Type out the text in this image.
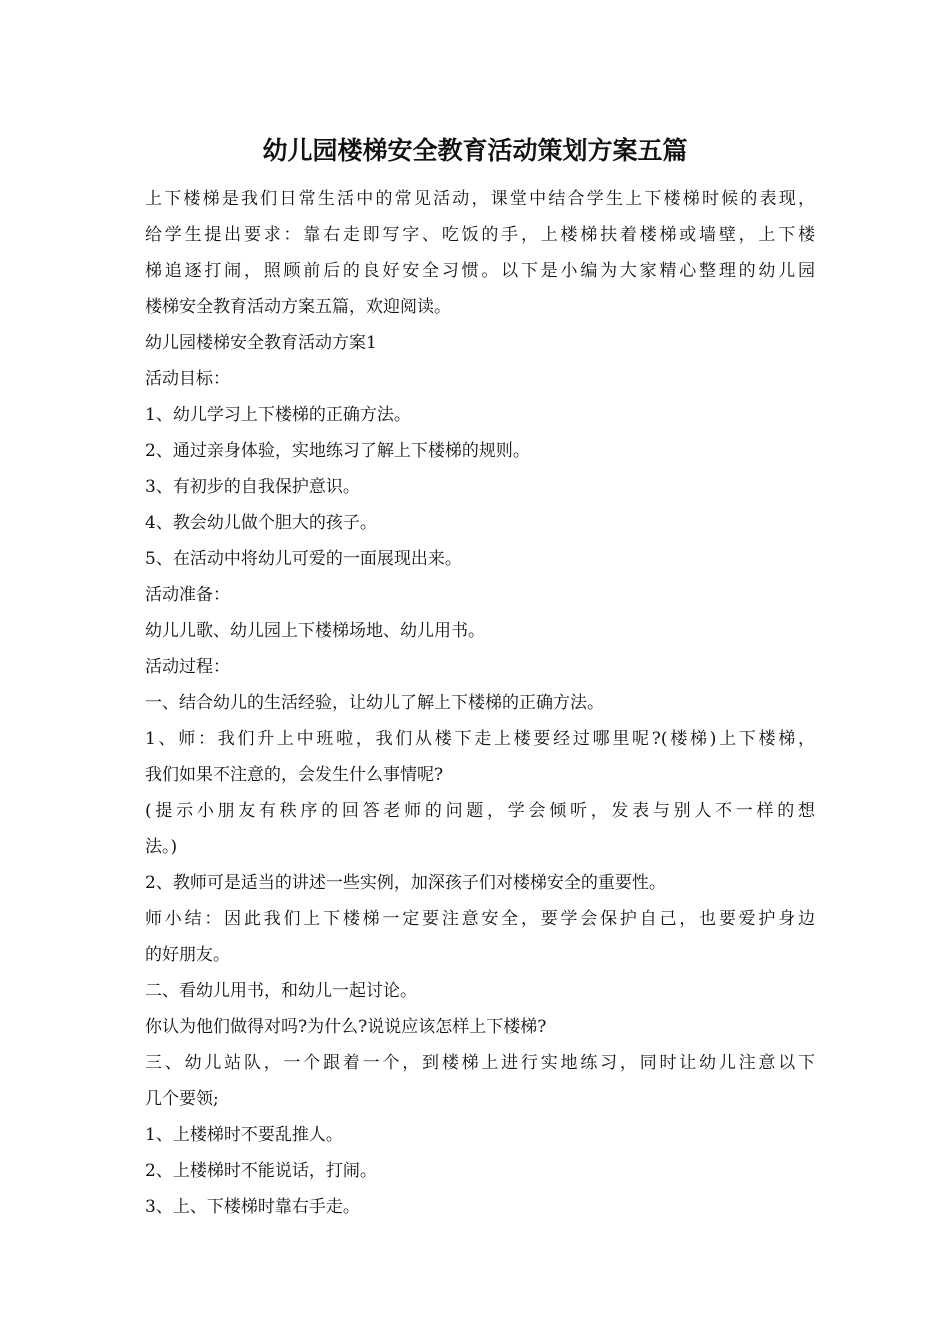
幼儿园楼梯安全教育活动策划方案五篇

上下楼梯是我们日常生活中的常见活动，课堂中结合学生上下楼梯时候的表现，

给学生提出要求：靠右走即写字、吃饭的手，上楼梯扶着楼梯或墙壁，上下楼

梯追逐打闹，照顾前后的良好安全习惯。以下是小编为大家精心整理的幼儿园

楼梯安全教育活动方案五篇，欢迎阅读。

幼儿园楼梯安全教育活动方案1

活动目标：

1、幼儿学习上下楼梯的正确方法。

2、通过亲身体验，实地练习了解上下楼梯的规则。

3、有初步的自我保护意识。

4、教会幼儿做个胆大的孩子。

5、在活动中将幼儿可爱的一面展现出来。

活动准备：

幼儿儿歌、幼儿园上下楼梯场地、幼儿用书。

活动过程：

一、结合幼儿的生活经验，让幼儿了解上下楼梯的正确方法。

1、师：我们升上中班啦，我们从楼下走上楼要经过哪里呢?(楼梯)上下楼梯，

我们如果不注意的，会发生什么事情呢?

(提示小朋友有秩序的回答老师的问题，学会倾听，发表与别人不一样的想

法。)

2、教师可是适当的讲述一些实例，加深孩子们对楼梯安全的重要性。

师小结：因此我们上下楼梯一定要注意安全，要学会保护自己，也要爱护身边

的好朋友。

二、看幼儿用书，和幼儿一起讨论。

你认为他们做得对吗?为什么?说说应该怎样上下楼梯?

三、幼儿站队，一个跟着一个，到楼梯上进行实地练习，同时让幼儿注意以下

几个要领;

1、上楼梯时不要乱推人。

2、上楼梯时不能说话，打闹。

3、上、下楼梯时靠右手走。
